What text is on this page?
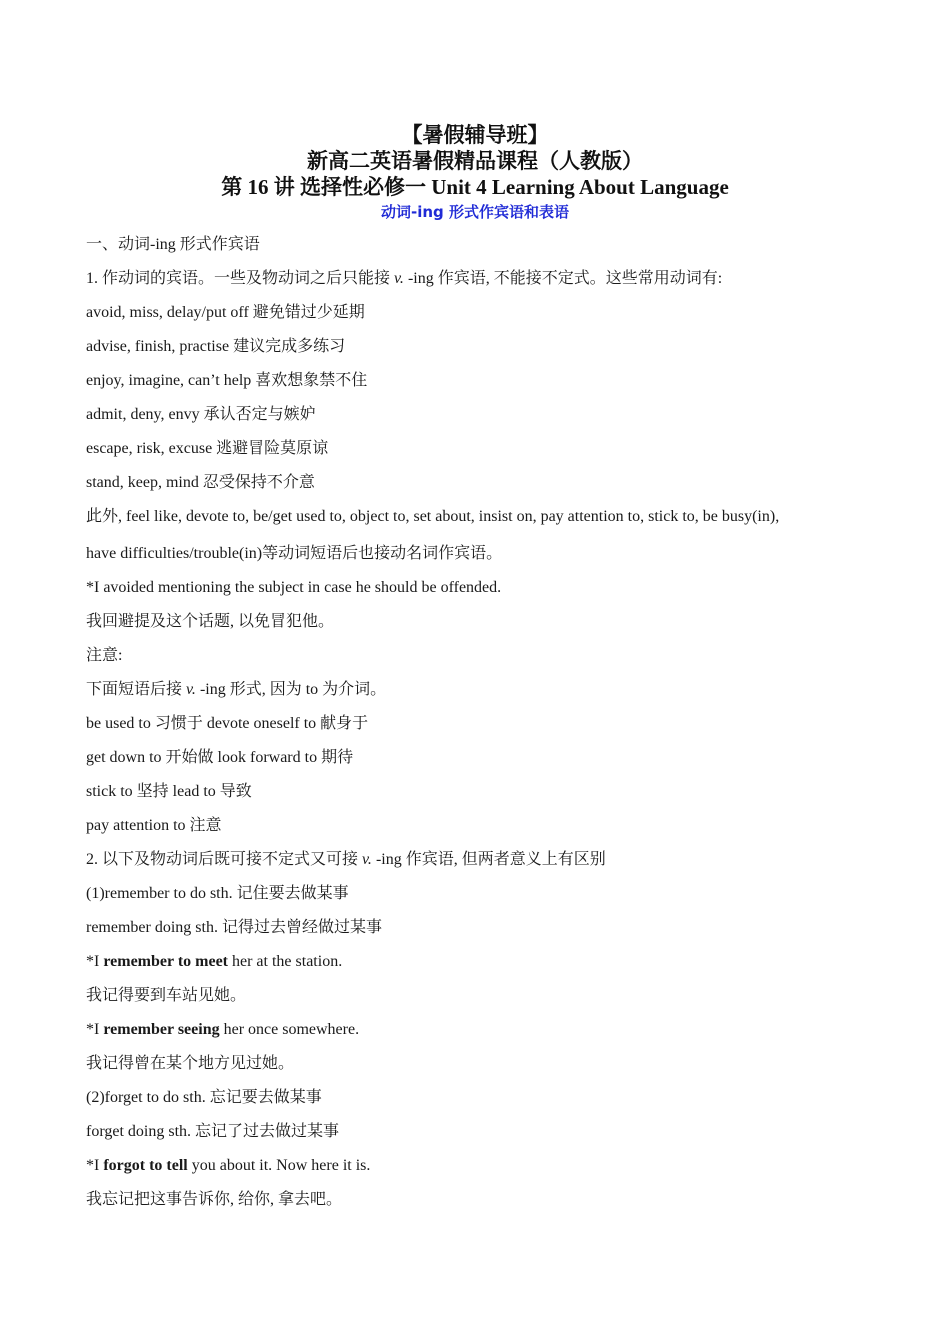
【暑假辅导班】
新高二英语暑假精品课程（人教版）
第 16 讲 选择性必修一 Unit 4 Learning About Language
动词-ing 形式作宾语和表语
一、动词-ing 形式作宾语
1. 作动词的宾语。一些及物动词之后只能接 v. -ing 作宾语, 不能接不定式。这些常用动词有:
avoid, miss, delay/put off 避免错过少延期
advise, finish, practise 建议完成多练习
enjoy, imagine, can’t help 喜欢想象禁不住
admit, deny, envy 承认否定与嫉妒
escape, risk, excuse 逃避冒险莫原谅
stand, keep, mind 忍受保持不介意
此外, feel like, devote to, be/get used to, object to, set about, insist on, pay attention to, stick to, be busy(in),
have difficulties/trouble(in)等动词短语后也接动名词作宾语。
*I avoided mentioning the subject in case he should be offended.
我回避提及这个话题, 以免冒犯他。
注意:
下面短语后接 v. -ing 形式, 因为 to 为介词。
be used to 习惯于 devote oneself to 献身于
get down to 开始做 look forward to 期待
stick to 坚持 lead to 导致
pay attention to 注意
2. 以下及物动词后既可接不定式又可接 v. -ing 作宾语, 但两者意义上有区别
(1)remember to do sth. 记住要去做某事
remember doing sth. 记得过去曾经做过某事
*I remember to meet her at the station.
我记得要到车站见她。
*I remember seeing her once somewhere.
我记得曾在某个地方见过她。
(2)forget to do sth. 忘记要去做某事
forget doing sth. 忘记了过去做过某事
*I forgot to tell you about it. Now here it is.
我忘记把这事告诉你, 给你, 拿去吧。
